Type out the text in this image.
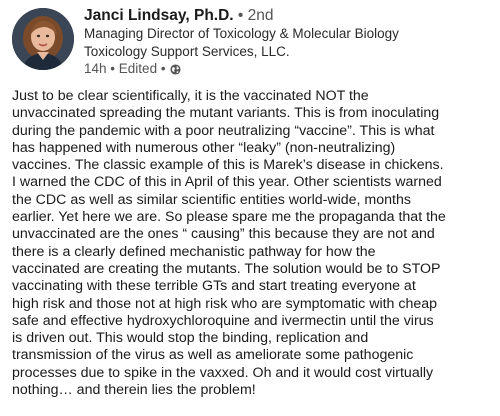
Janci Lindsay, Ph.D. • 2nd
Managing Director of Toxicology & Molecular Biology
Toxicology Support Services, LLC.
14h
•
Edited
•
Just to be clear scientifically, it is the vaccinated NOT the
unvaccinated spreading the mutant variants. This is from inoculating
during the pandemic with a poor neutralizing “vaccine”. This is what
has happened with numerous other “leaky” (non-neutralizing)
vaccines. The classic example of this is Marek’s disease in chickens.
I warned the CDC of this in April of this year. Other scientists warned
the CDC as well as similar scientific entities world-wide, months
earlier. Yet here we are. So please spare me the propaganda that the
unvaccinated are the ones “ causing” this because they are not and
there is a clearly defined mechanistic pathway for how the
vaccinated are creating the mutants. The solution would be to STOP
vaccinating with these terrible GTs and start treating everyone at
high risk and those not at high risk who are symptomatic with cheap
safe and effective hydroxychloroquine and ivermectin until the virus
is driven out. This would stop the binding, replication and
transmission of the virus as well as ameliorate some pathogenic
processes due to spike in the vaxxed. Oh and it would cost virtually
nothing… and therein lies the problem!
